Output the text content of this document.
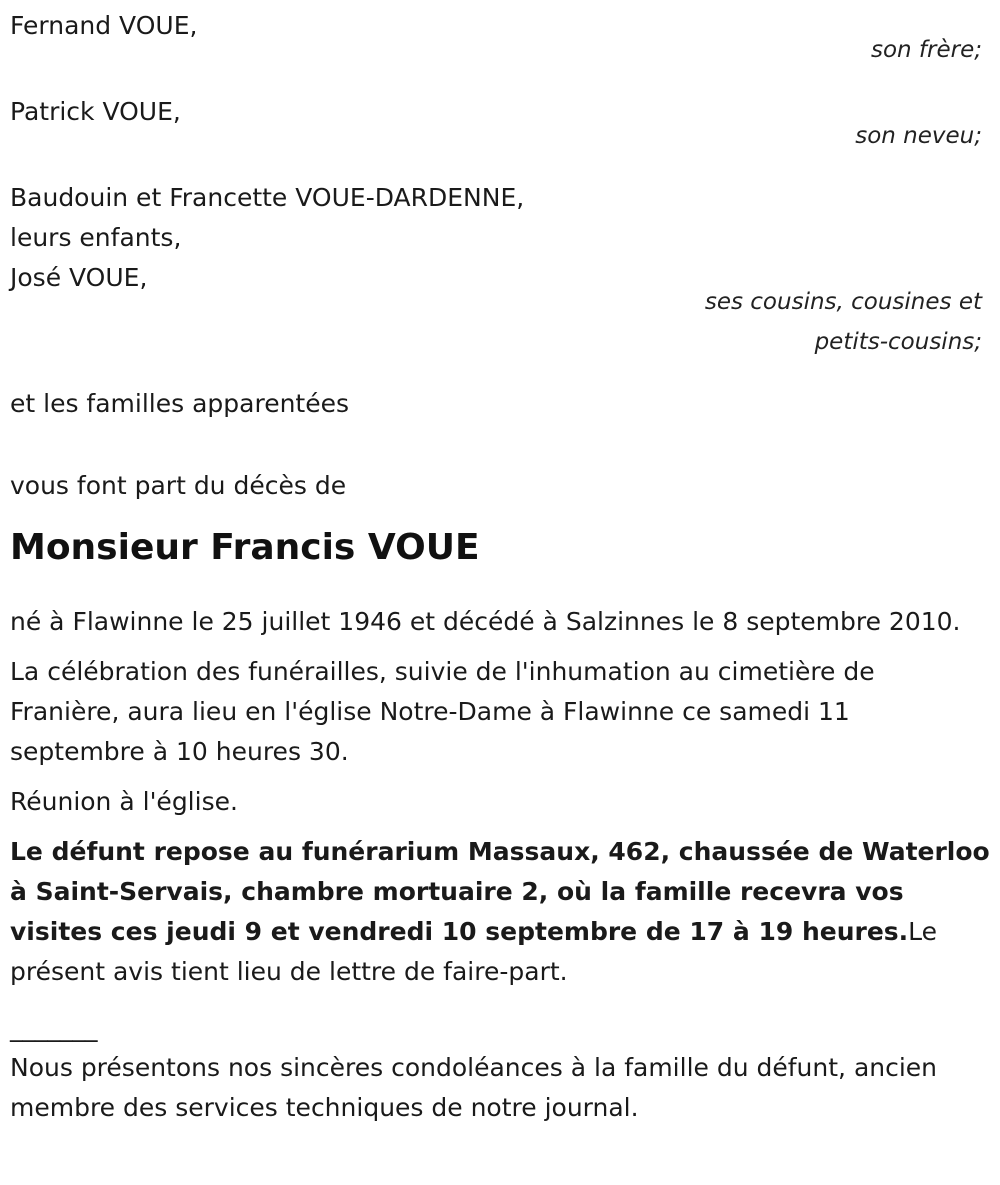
Fernand VOUE,

son frère;

Patrick VOUE,

son neveu;

Baudouin et Francette VOUE-DARDENNE,

leurs enfants,

José VOUE,

ses cousins, cousines et petits-cousins;

et les familles apparentées

vous font part du décès de

Monsieur Francis VOUE

né à Flawinne le 25 juillet 1946 et décédé à Salzinnes le 8 septembre 2010.

La célébration des funérailles, suivie de l'inhumation au cimetière de Franière, aura lieu en l'église Notre-Dame à Flawinne ce samedi 11 septembre à 10 heures 30.

Réunion à l'église.

Le défunt repose au funérarium Massaux, 462, chaussée de Waterloo à Saint-Servais, chambre mortuaire 2, où la famille recevra vos visites ces jeudi 9 et vendredi 10 septembre de 17 à 19 heures.Le présent avis tient lieu de lettre de faire-part.

_______

Nous présentons nos sincères condoléances à la famille du défunt, ancien membre des services techniques de notre journal.
